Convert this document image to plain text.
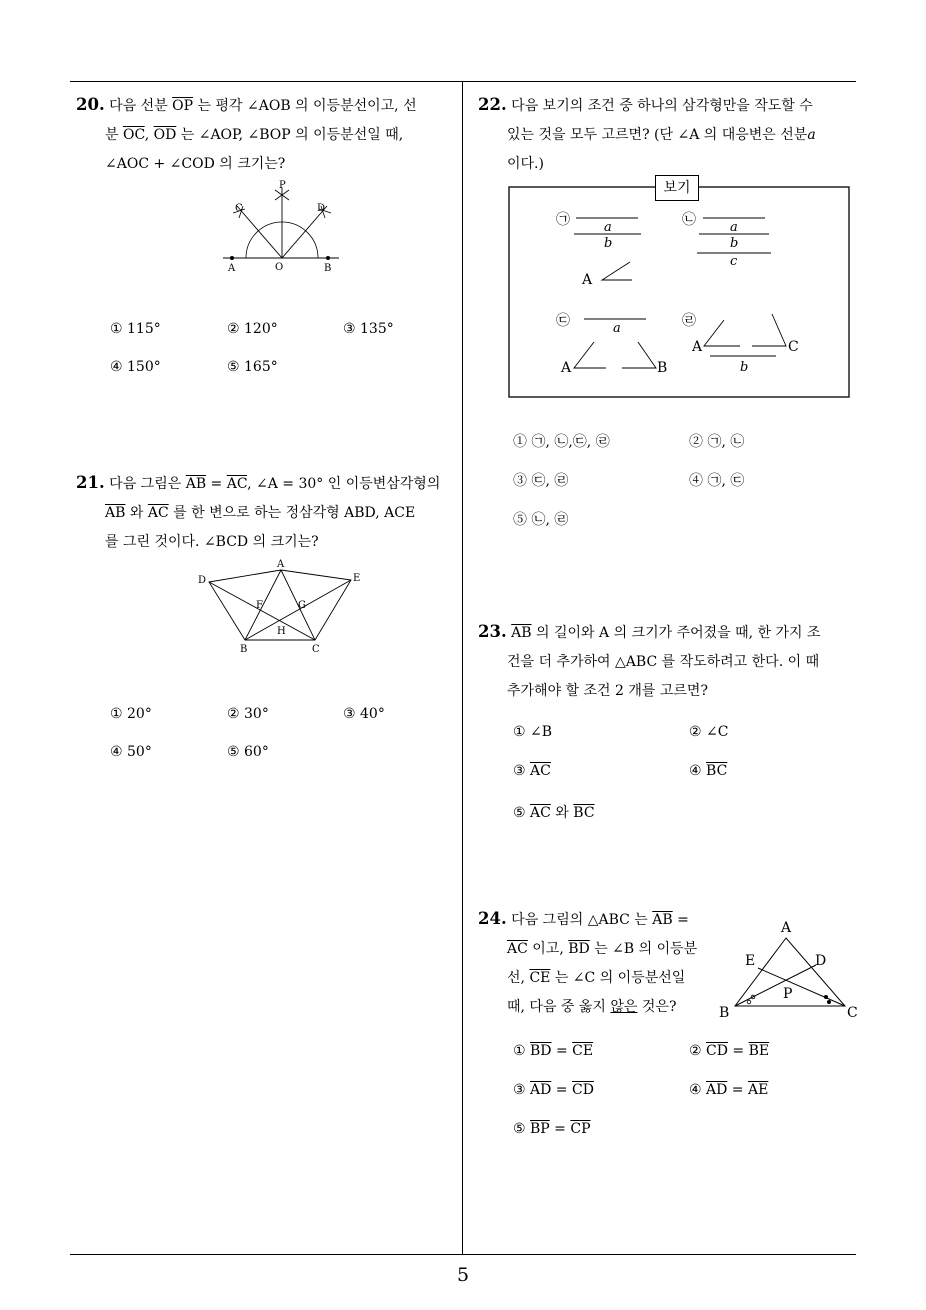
5
20. 다음 선분 $\overline{OP}$ 는 평각 ∠AOB 의 이등분선이고, 선
분 $\overline{OC}$, $\overline{OD}$ 는 ∠AOP, ∠BOP 의 이등분선일 때,
∠AOC + ∠COD 의 크기는?
P
C	D
A	O	B
① 115°	② 120°	③ 135°
④ 150°	⑤ 165°
21. 다음 그림은 $\overline{AB} = \overline{AC}$, ∠A = 30° 인 이등변삼각형의
$\overline{AB}$ 와 $\overline{AC}$ 를 한 변으로 하는 정삼각형 ABD, ACE
를 그린 것이다. ∠BCD 의 크기는?
A
D	E
F	G
H
B	C
① 20°	② 30°	③ 40°
④ 50°	⑤ 60°
22. 다음 보기의 조건 중 하나의 삼각형만을 작도할 수
있는 것을 모두 고르면? (단 ∠A 의 대응변은 선분a
이다.)
㉠	a
b
A
㉡	a
b
c
㉢	a
A	B
㉣
A	C
b
보기
① ㉠, ㉡,㉢, ㉣	② ㉠, ㉡
③ ㉢, ㉣	④ ㉠, ㉢
⑤ ㉡, ㉣
23. $\overline{AB}$ 의 길이와 A 의 크기가 주어졌을 때, 한 가지 조
건을 더 추가하여 △ABC 를 작도하려고 한다. 이 때
추가해야 할 조건 2 개를 고르면?
① ∠B	② ∠C
③ $\overline{AC}$	④ $\overline{BC}$
⑤ $\overline{AC}$ 와 $\overline{BC}$
24. 다음 그림의 △ABC 는 $\overline{AB}$ =
$\overline{AC}$ 이고, $\overline{BD}$ 는 ∠B 의 이등분
선, $\overline{CE}$ 는 ∠C 의 이등분선일
때, 다음 중 옳지 않은 것은?
A
E	D
P
B	C
① $\overline{BD} = \overline{CE}$	② $\overline{CD} = \overline{BE}$
③ $\overline{AD} = \overline{CD}$	④ $\overline{AD} = \overline{AE}$
⑤ $\overline{BP} = \overline{CP}$
